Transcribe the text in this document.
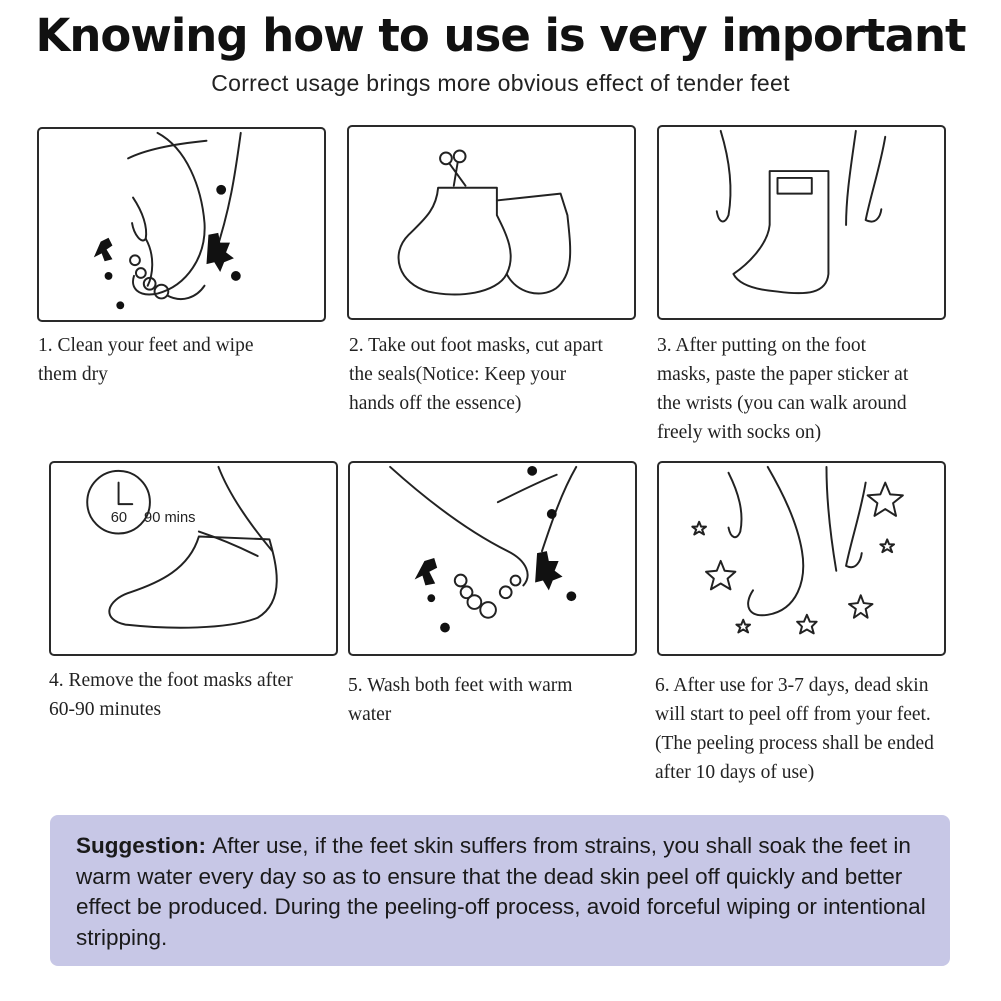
Knowing how to use is very important
Correct usage brings more obvious effect of tender feet
60 90 mins
1. Clean your feet and wipe
them dry
2. Take out foot masks, cut apart
the seals(Notice: Keep your
hands off the essence)
3. After putting on the foot
masks, paste the paper sticker at
the wrists (you can walk around
freely with socks on)
4. Remove the foot masks after
60-90 minutes
5. Wash both feet with warm
water
6. After use for 3-7 days, dead skin
will start to peel off from your feet.
(The peeling process shall be ended
after 10 days of use)
Suggestion: After use, if the feet skin suffers from strains, you shall soak the feet in warm water every day so as to ensure that the dead skin peel off quickly and better effect be produced. During the peeling-off process, avoid forceful wiping or intentional stripping.
